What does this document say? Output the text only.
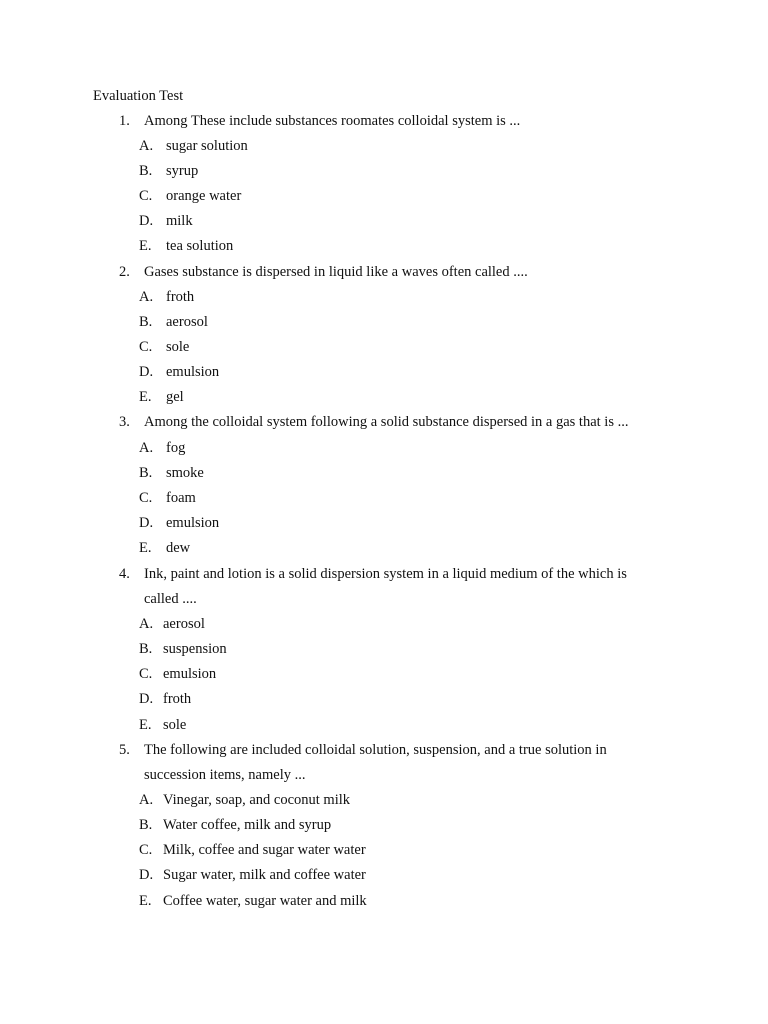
Evaluation Test
1. Among These include substances roomates colloidal system is ...
A. sugar solution
B. syrup
C. orange water
D. milk
E. tea solution
2. Gases substance is dispersed in liquid like a waves often called ....
A. froth
B. aerosol
C. sole
D. emulsion
E. gel
3. Among the colloidal system following a solid substance dispersed in a gas that is ...
A. fog
B. smoke
C. foam
D. emulsion
E. dew
4. Ink, paint and lotion is a solid dispersion system in a liquid medium of the which is
called ....
A. aerosol
B. suspension
C. emulsion
D. froth
E. sole
5. The following are included colloidal solution, suspension, and a true solution in
succession items, namely ...
A. Vinegar, soap, and coconut milk
B. Water coffee, milk and syrup
C. Milk, coffee and sugar water water
D. Sugar water, milk and coffee water
E. Coffee water, sugar water and milk
